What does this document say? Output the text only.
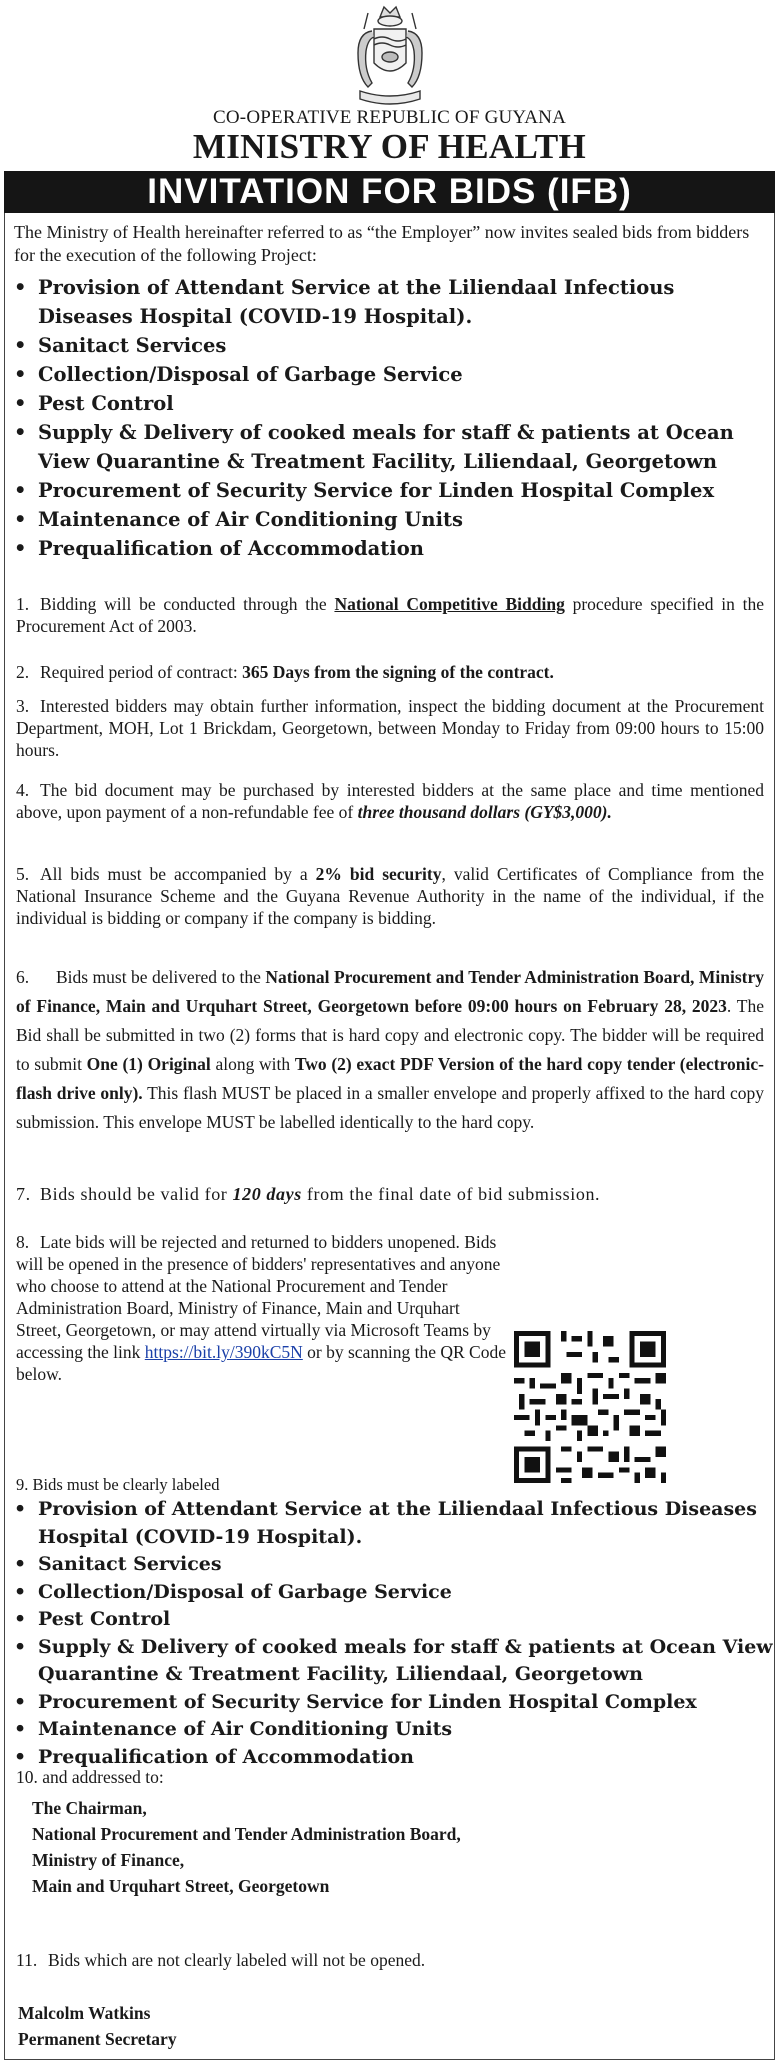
CO-OPERATIVE REPUBLIC OF GUYANA
MINISTRY OF HEALTH
INVITATION FOR BIDS (IFB)
The Ministry of Health hereinafter referred to as “the Employer” now invites sealed bids from bidders for the execution of the following Project:
• Provision of Attendant Service at the Liliendaal Infectious Diseases Hospital (COVID-19 Hospital).
• Sanitact Services
• Collection/Disposal of Garbage Service
• Pest Control
• Supply & Delivery of cooked meals for staff & patients at Ocean View Quarantine & Treatment Facility, Liliendaal, Georgetown
• Procurement of Security Service for Linden Hospital Complex
• Maintenance of Air Conditioning Units
• Prequalification of Accommodation
1. Bidding will be conducted through the National Competitive Bidding procedure specified in the Procurement Act of 2003.
2. Required period of contract: 365 Days from the signing of the contract.
3. Interested bidders may obtain further information, inspect the bidding document at the Procurement Department, MOH, Lot 1 Brickdam, Georgetown, between Monday to Friday from 09:00 hours to 15:00 hours.
4. The bid document may be purchased by interested bidders at the same place and time mentioned above, upon payment of a non-refundable fee of three thousand dollars (GY$3,000).
5. All bids must be accompanied by a 2% bid security, valid Certificates of Compliance from the National Insurance Scheme and the Guyana Revenue Authority in the name of the individual, if the individual is bidding or company if the company is bidding.
6. Bids must be delivered to the National Procurement and Tender Administration Board, Ministry of Finance, Main and Urquhart Street, Georgetown before 09:00 hours on February 28, 2023. The Bid shall be submitted in two (2) forms that is hard copy and electronic copy. The bidder will be required to submit One (1) Original along with Two (2) exact PDF Version of the hard copy tender (electronic-flash drive only). This flash MUST be placed in a smaller envelope and properly affixed to the hard copy submission. This envelope MUST be labelled identically to the hard copy.
7. Bids should be valid for 120 days from the final date of bid submission.
8. Late bids will be rejected and returned to bidders unopened. Bids will be opened in the presence of bidders' representatives and anyone who choose to attend at the National Procurement and Tender Administration Board, Ministry of Finance, Main and Urquhart Street, Georgetown, or may attend virtually via Microsoft Teams by accessing the link https://bit.ly/390kC5N or by scanning the QR Code below.
9. Bids must be clearly labeled
• Provision of Attendant Service at the Liliendaal Infectious Diseases Hospital (COVID-19 Hospital).
• Sanitact Services
• Collection/Disposal of Garbage Service
• Pest Control
• Supply & Delivery of cooked meals for staff & patients at Ocean View Quarantine & Treatment Facility, Liliendaal, Georgetown
• Procurement of Security Service for Linden Hospital Complex
• Maintenance of Air Conditioning Units
• Prequalification of Accommodation
10. and addressed to:
The Chairman,
National Procurement and Tender Administration Board,
Ministry of Finance,
Main and Urquhart Street, Georgetown
11. Bids which are not clearly labeled will not be opened.
Malcolm Watkins
Permanent Secretary
